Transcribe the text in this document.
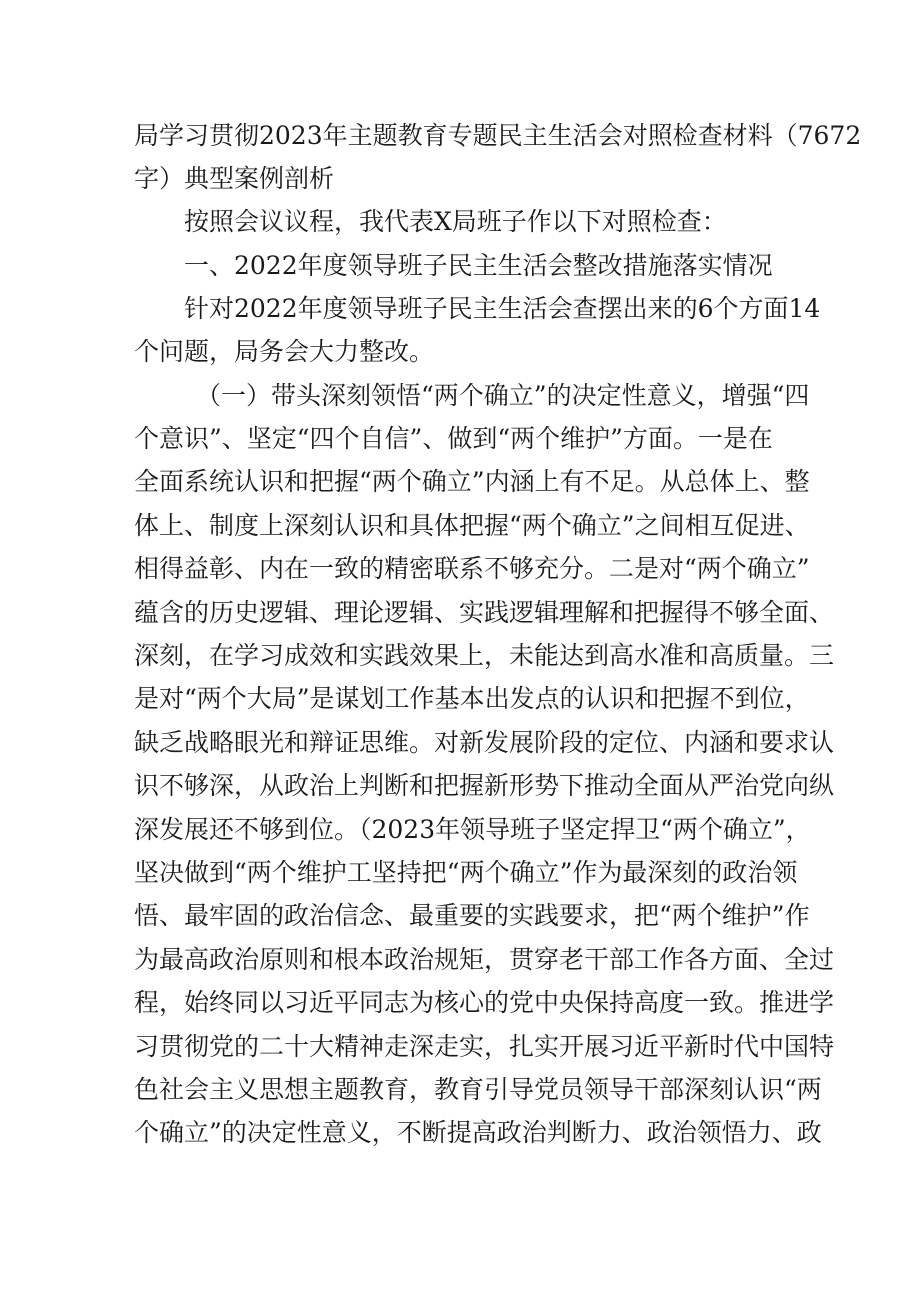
局学习贯彻2023年主题教育专题民主生活会对照检查材料（7672
字）典型案例剖析
按照会议议程，我代表X局班子作以下对照检查：
一、2022年度领导班子民主生活会整改措施落实情况
针对2022年度领导班子民主生活会查摆出来的6个方面14
个问题，局务会大力整改。
（一）带头深刻领悟“两个确立”的决定性意义，增强“四
个意识”、坚定“四个自信”、做到“两个维护”方面。一是在
全面系统认识和把握“两个确立”内涵上有不足。从总体上、整
体上、制度上深刻认识和具体把握“两个确立”之间相互促进、
相得益彰、内在一致的精密联系不够充分。二是对“两个确立”
蕴含的历史逻辑、理论逻辑、实践逻辑理解和把握得不够全面、
深刻，在学习成效和实践效果上，未能达到高水准和高质量。三
是对“两个大局”是谋划工作基本出发点的认识和把握不到位，
缺乏战略眼光和辩证思维。对新发展阶段的定位、内涵和要求认
识不够深，从政治上判断和把握新形势下推动全面从严治党向纵
深发展还不够到位。（2023年领导班子坚定捍卫“两个确立”，
坚决做到“两个维护工坚持把“两个确立”作为最深刻的政治领
悟、最牢固的政治信念、最重要的实践要求，把“两个维护”作
为最高政治原则和根本政治规矩，贯穿老干部工作各方面、全过
程，始终同以习近平同志为核心的党中央保持高度一致。推进学
习贯彻党的二十大精神走深走实，扎实开展习近平新时代中国特
色社会主义思想主题教育，教育引导党员领导干部深刻认识“两
个确立”的决定性意义，不断提高政治判断力、政治领悟力、政
